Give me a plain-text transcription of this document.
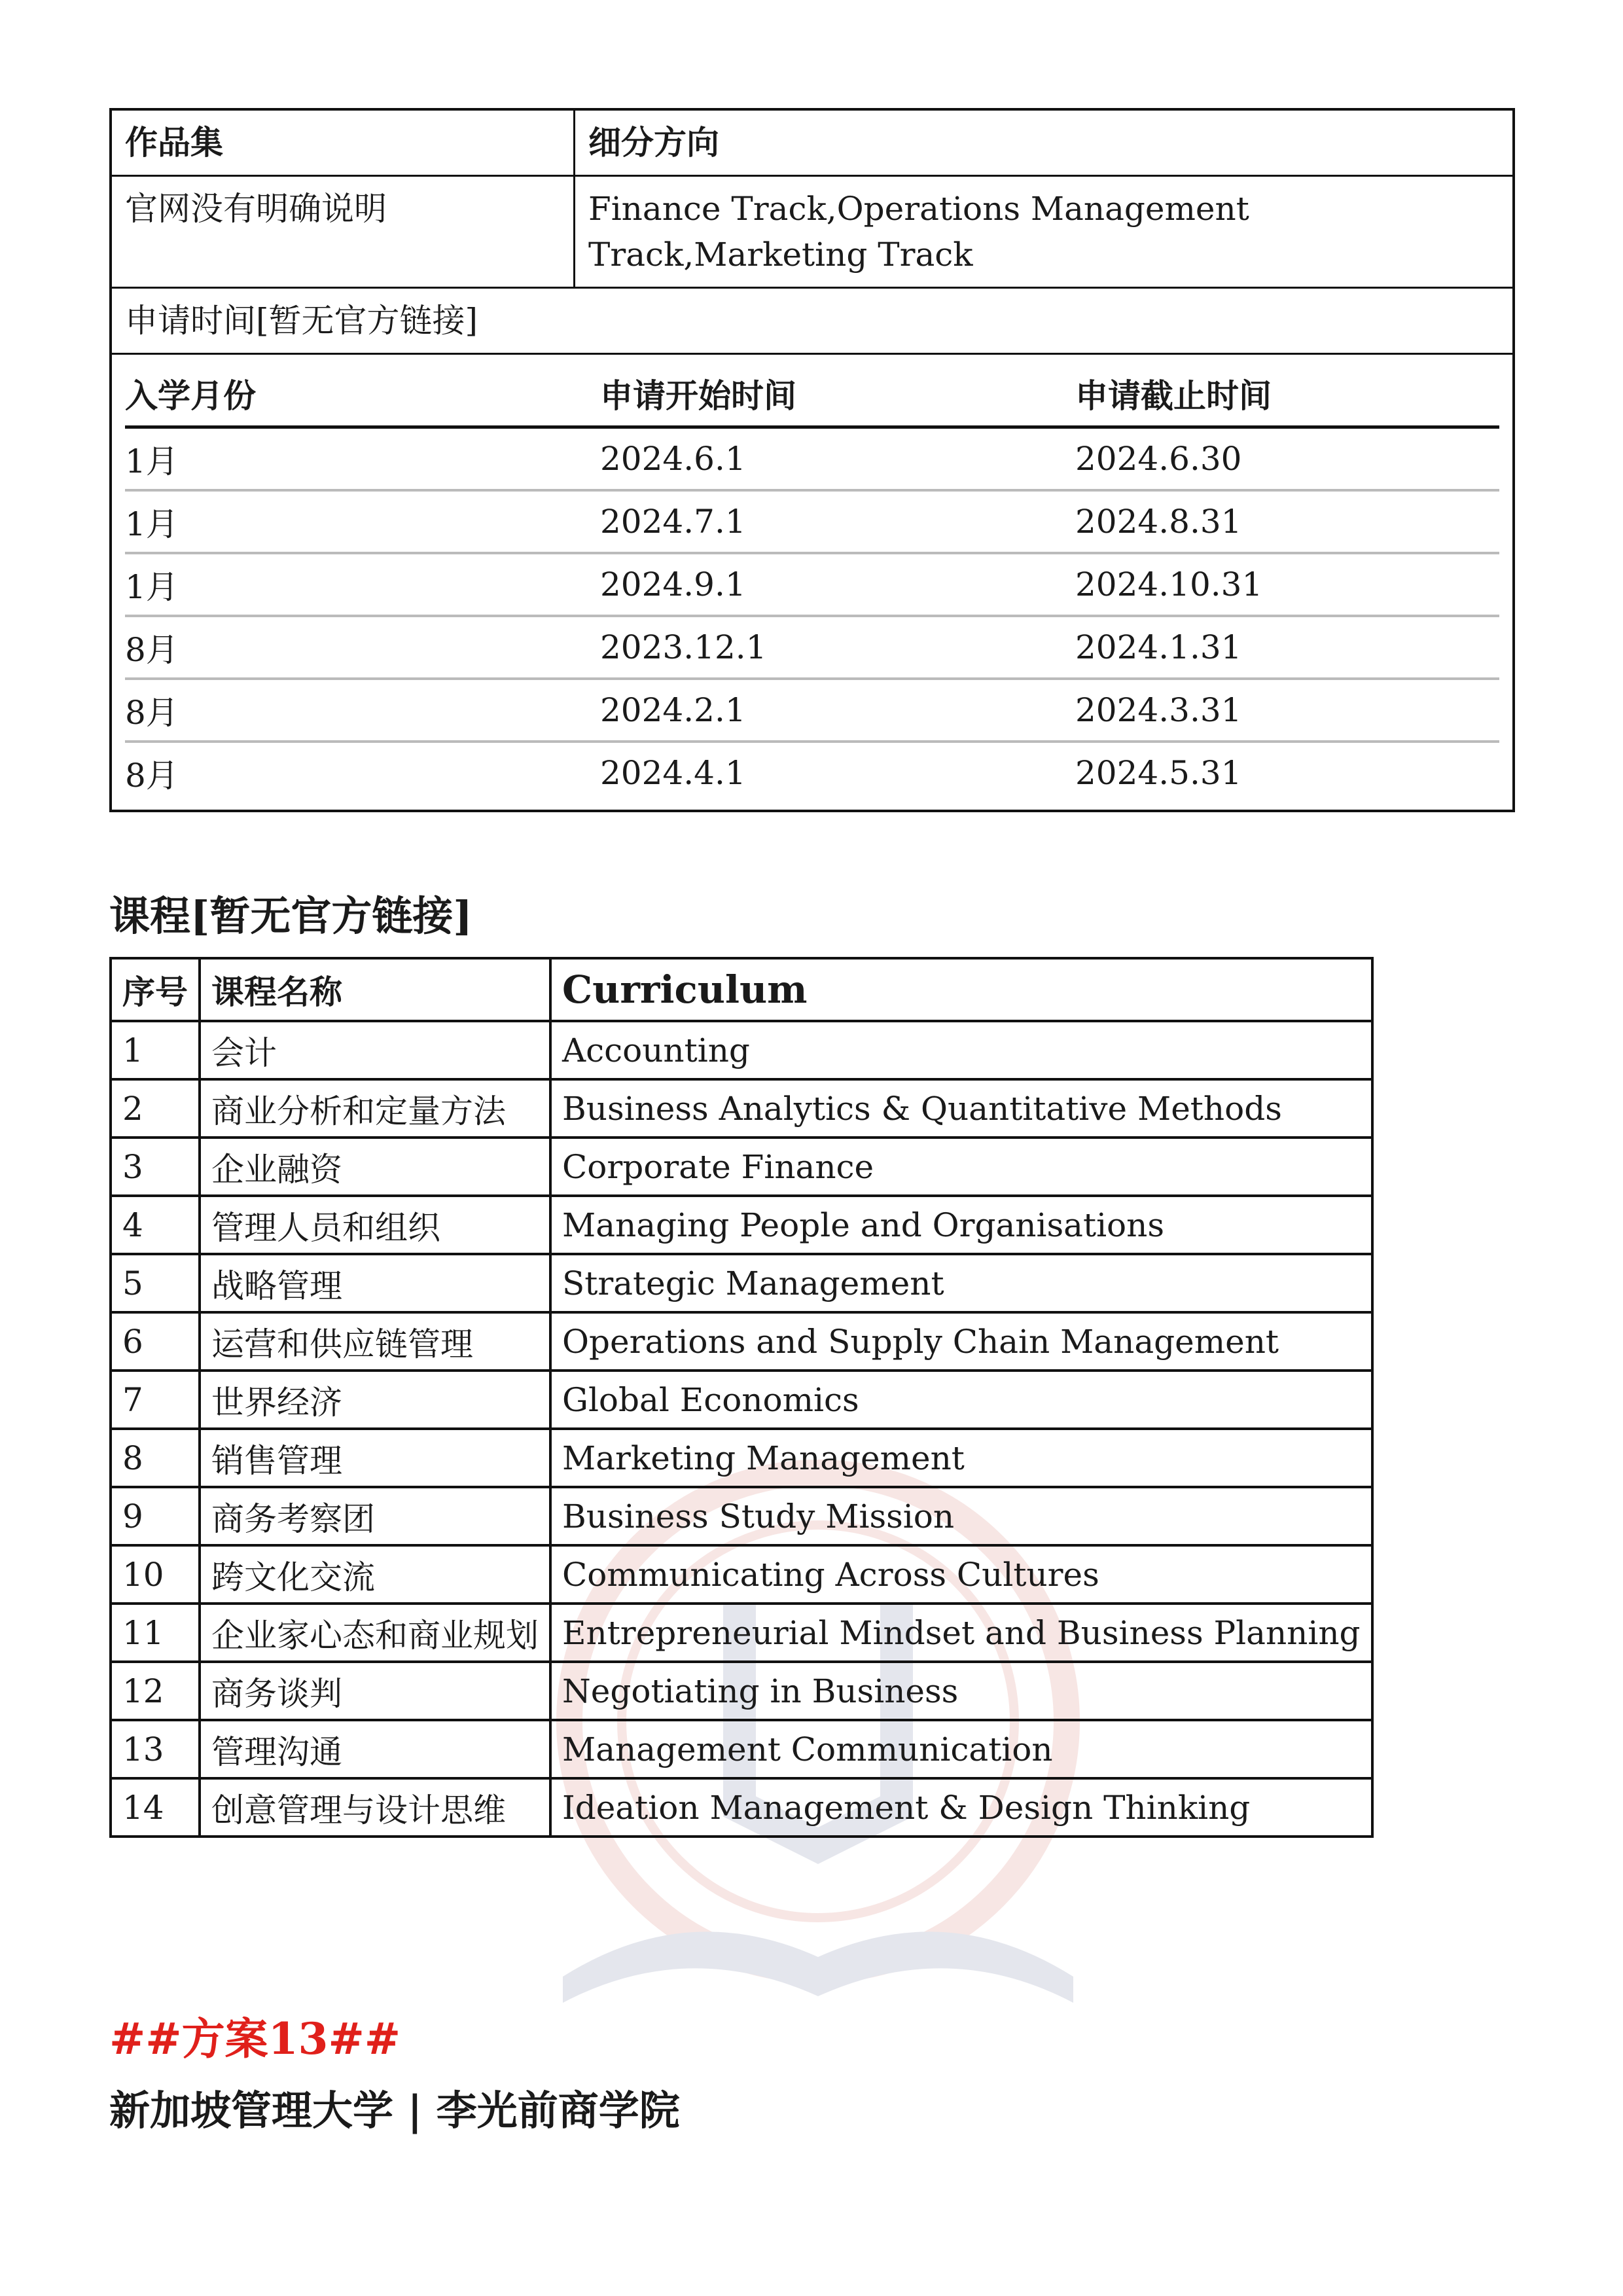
作品集	细分方向
官网没有明确说明	Finance Track,Operations Management Track,Marketing Track
申请时间[暂无官方链接]
入学月份	申请开始时间	申请截止时间
1月	2024.6.1	2024.6.30
1月	2024.7.1	2024.8.31
1月	2024.9.1	2024.10.31
8月	2023.12.1	2024.1.31
8月	2024.2.1	2024.3.31
8月	2024.4.1	2024.5.31
课程[暂无官方链接]
序号	课程名称	Curriculum
1	会计	Accounting
2	商业分析和定量方法	Business Analytics & Quantitative Methods
3	企业融资	Corporate Finance
4	管理人员和组织	Managing People and Organisations
5	战略管理	Strategic Management
6	运营和供应链管理	Operations and Supply Chain Management
7	世界经济	Global Economics
8	销售管理	Marketing Management
9	商务考察团	Business Study Mission
10	跨文化交流	Communicating Across Cultures
11	企业家心态和商业规划	Entrepreneurial Mindset and Business Planning
12	商务谈判	Negotiating in Business
13	管理沟通	Management Communication
14	创意管理与设计思维	Ideation Management & Design Thinking
##方案13##
新加坡管理大学 | 李光前商学院
